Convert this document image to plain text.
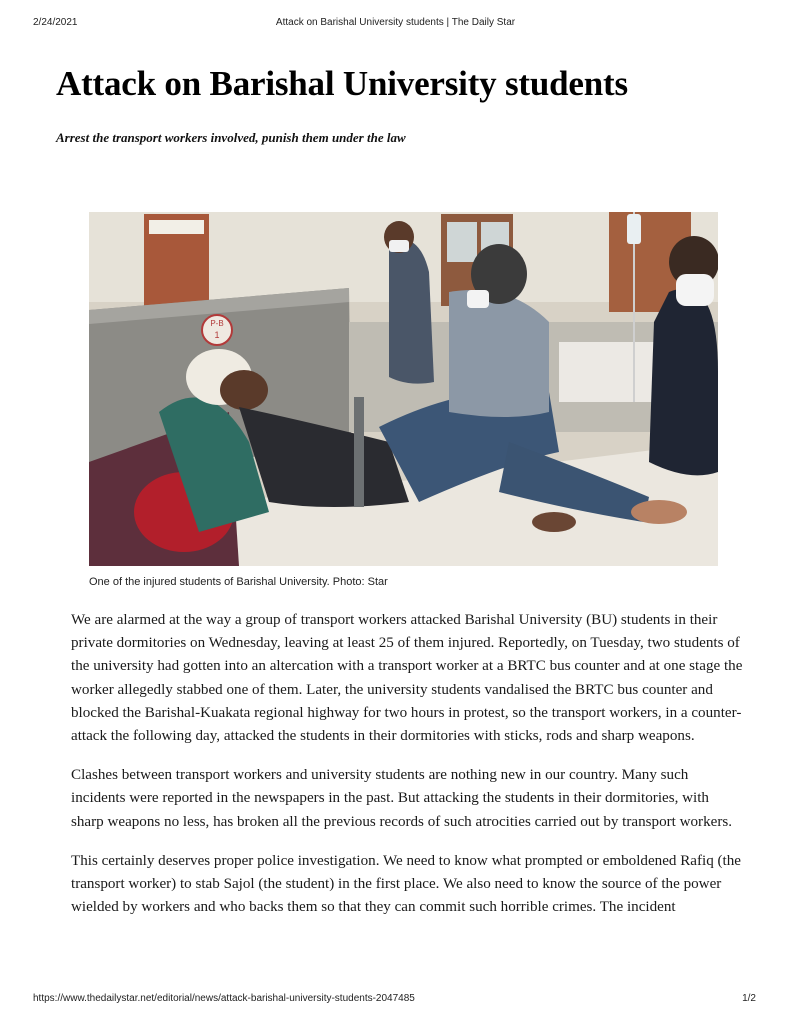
2/24/2021	Attack on Barishal University students | The Daily Star
Attack on Barishal University students

Arrest the transport workers involved, punish them under the law

P-B
1
One of the injured students of Barishal University. Photo: Star

We are alarmed at the way a group of transport workers attacked Barishal University (BU) students in their private dormitories on Wednesday, leaving at least 25 of them injured. Reportedly, on Tuesday, two students of the university had gotten into an altercation with a transport worker at a BRTC bus counter and at one stage the worker allegedly stabbed one of them. Later, the university students vandalised the BRTC bus counter and blocked the Barishal-Kuakata regional highway for two hours in protest, so the transport workers, in a counter-attack the following day, attacked the students in their dormitories with sticks, rods and sharp weapons.

Clashes between transport workers and university students are nothing new in our country. Many such incidents were reported in the newspapers in the past. But attacking the students in their dormitories, with sharp weapons no less, has broken all the previous records of such atrocities carried out by transport workers.

This certainly deserves proper police investigation. We need to know what prompted or emboldened Rafiq (the transport worker) to stab Sajol (the student) in the first place. We also need to know the source of the power wielded by workers and who backs them so that they can commit such horrible crimes. The incident

https://www.thedailystar.net/editorial/news/attack-barishal-university-students-2047485	1/2
